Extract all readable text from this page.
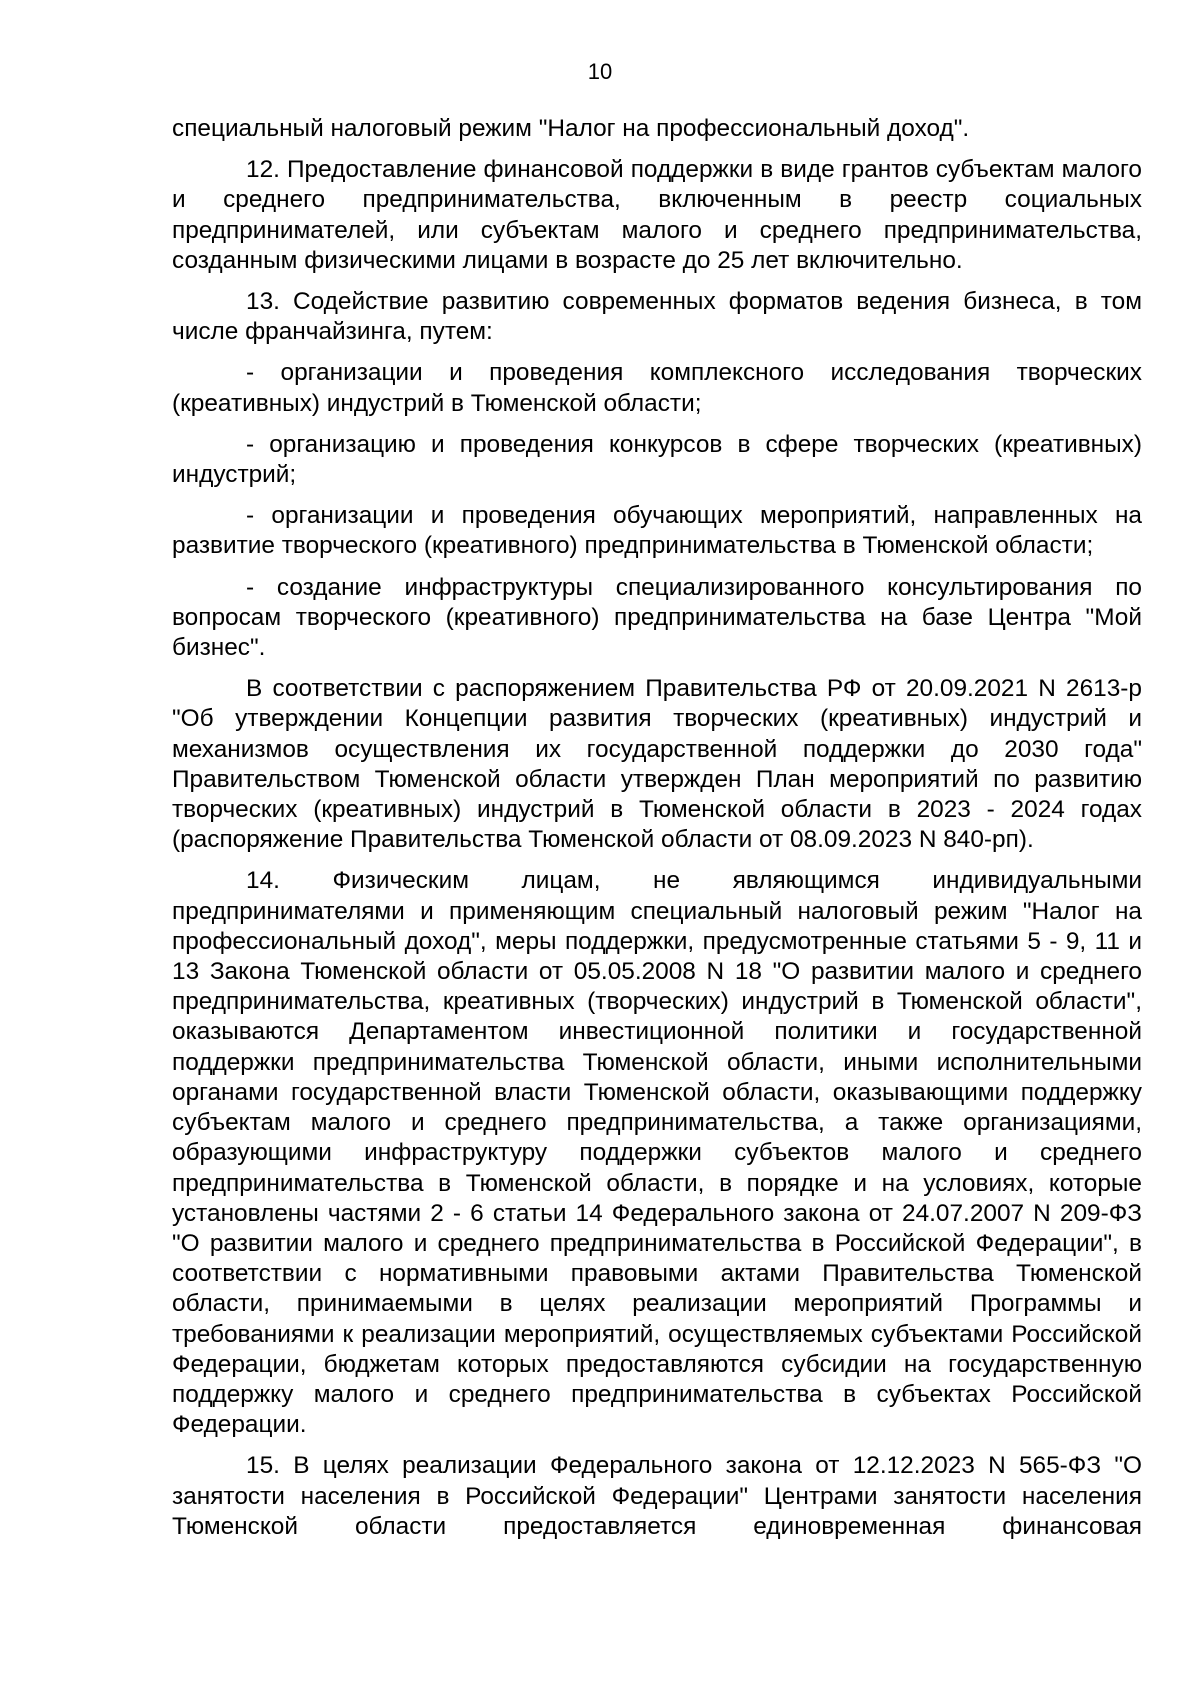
10

специальный налоговый режим "Налог на профессиональный доход".

12. Предоставление финансовой поддержки в виде грантов субъектам малого и среднего предпринимательства, включенным в реестр социальных предпринимателей, или субъектам малого и среднего предпринимательства, созданным физическими лицами в возрасте до 25 лет включительно.

13. Содействие развитию современных форматов ведения бизнеса, в том числе франчайзинга, путем:

- организации и проведения комплексного исследования творческих (креативных) индустрий в Тюменской области;

- организацию и проведения конкурсов в сфере творческих (креативных) индустрий;

- организации и проведения обучающих мероприятий, направленных на развитие творческого (креативного) предпринимательства в Тюменской области;

- создание инфраструктуры специализированного консультирования по вопросам творческого (креативного) предпринимательства на базе Центра "Мой бизнес".

В соответствии с распоряжением Правительства РФ от 20.09.2021 N 2613-р "Об утверждении Концепции развития творческих (креативных) индустрий и механизмов осуществления их государственной поддержки до 2030 года" Правительством Тюменской области утвержден План мероприятий по развитию творческих (креативных) индустрий в Тюменской области в 2023 - 2024 годах (распоряжение Правительства Тюменской области от 08.09.2023 N 840-рп).

14. Физическим лицам, не являющимся индивидуальными предпринимателями и применяющим специальный налоговый режим "Налог на профессиональный доход", меры поддержки, предусмотренные статьями 5 - 9, 11 и 13 Закона Тюменской области от 05.05.2008 N 18 "О развитии малого и среднего предпринимательства, креативных (творческих) индустрий в Тюменской области", оказываются Департаментом инвестиционной политики и государственной поддержки предпринимательства Тюменской области, иными исполнительными органами государственной власти Тюменской области, оказывающими поддержку субъектам малого и среднего предпринимательства, а также организациями, образующими инфраструктуру поддержки субъектов малого и среднего предпринимательства в Тюменской области, в порядке и на условиях, которые установлены частями 2 - 6 статьи 14 Федерального закона от 24.07.2007 N 209-ФЗ "О развитии малого и среднего предпринимательства в Российской Федерации", в соответствии с нормативными правовыми актами Правительства Тюменской области, принимаемыми в целях реализации мероприятий Программы и требованиями к реализации мероприятий, осуществляемых субъектами Российской Федерации, бюджетам которых предоставляются субсидии на государственную поддержку малого и среднего предпринимательства в субъектах Российской Федерации.

15. В целях реализации Федерального закона от 12.12.2023 N 565-ФЗ "О занятости населения в Российской Федерации" Центрами занятости населения Тюменской области предоставляется единовременная финансовая
